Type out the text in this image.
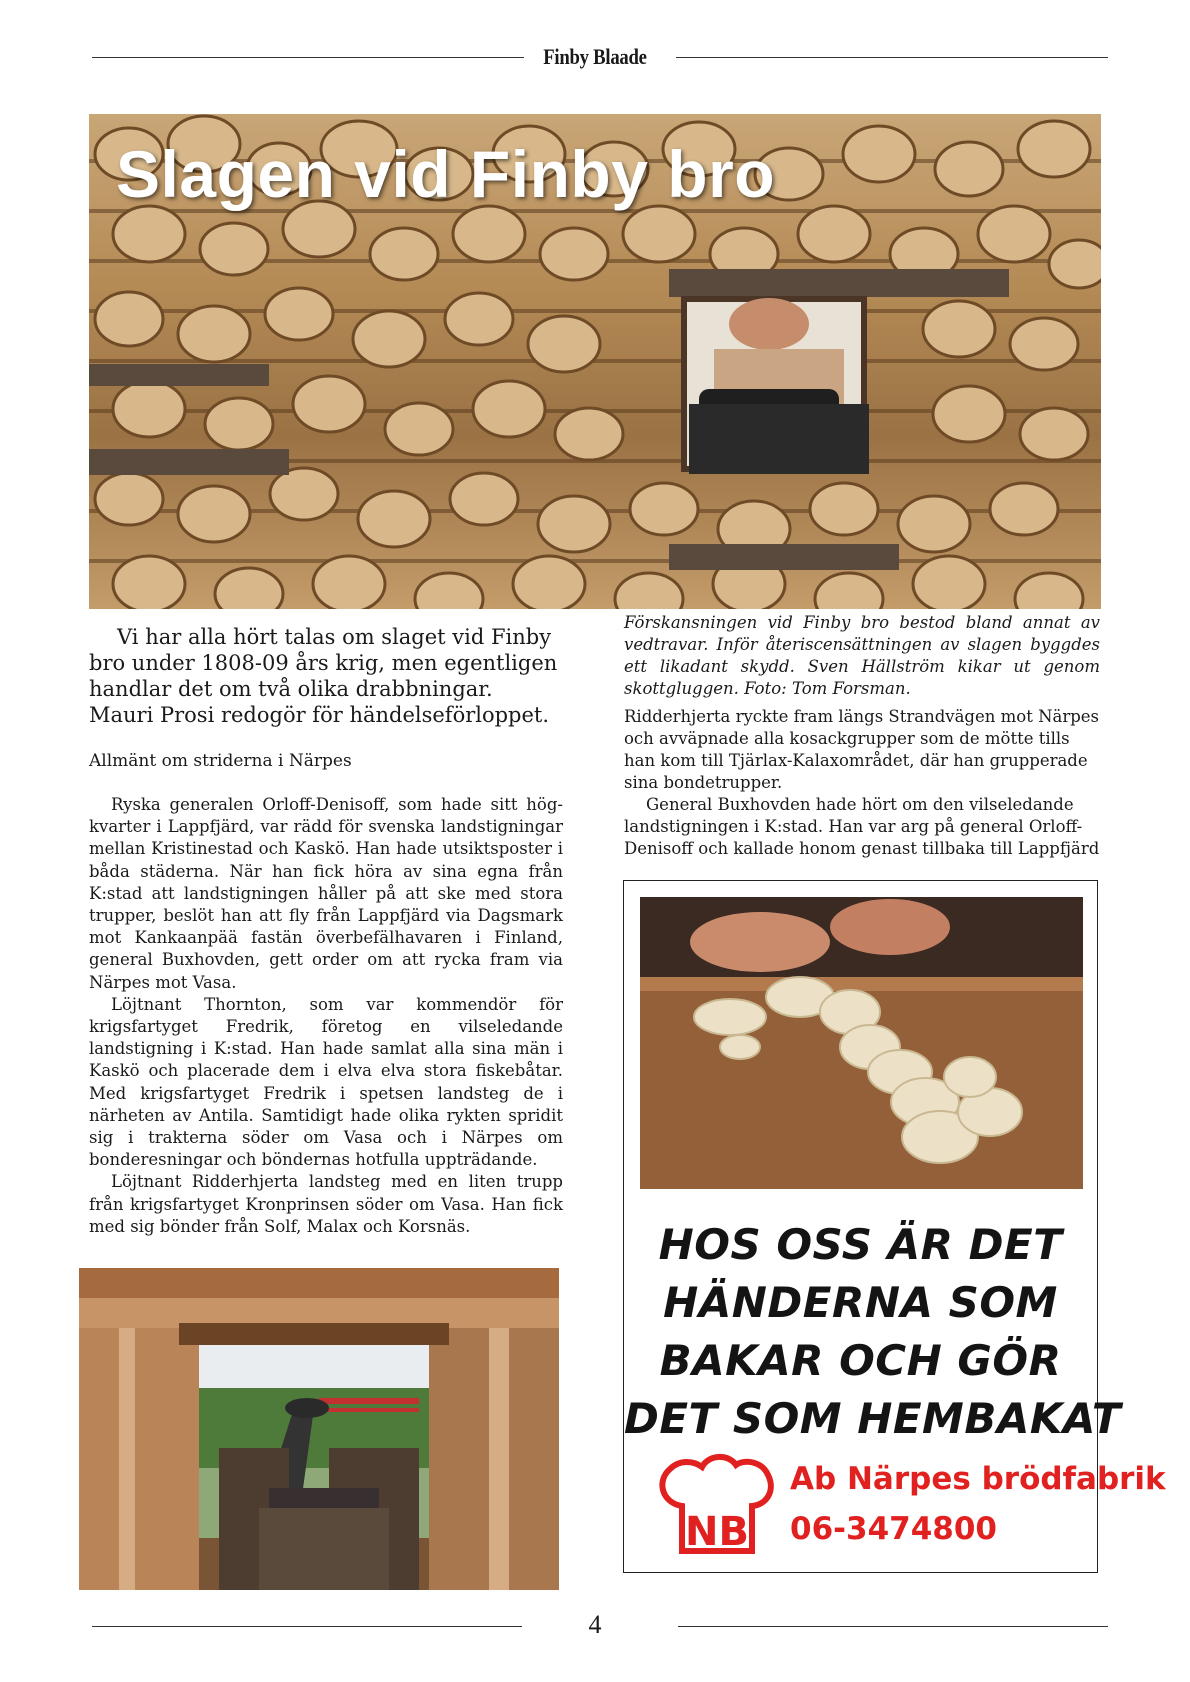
Finby Blaade
Slagen vid Finby bro

Vi har alla hört talas om slaget vid Finby bro under 1808-09 års krig, men egentligen handlar det om två olika drabbningar. Mauri Prosi redogör för händelseförloppet.

Allmänt om striderna i Närpes

Ryska generalen Orloff-Denisoff, som hade sitt hög-kvarter i Lappfjärd, var rädd för svenska landstigningar mellan Kristinestad och Kaskö. Han hade utsiktsposter i båda städerna. När han fick höra av sina egna från K:stad att landstigningen håller på att ske med stora trupper, beslöt han att fly från Lappfjärd via Dagsmark mot Kankaanpää fastän överbefälhavaren i Finland, general Buxhovden, gett order om att rycka fram via Närpes mot Vasa.

Löjtnant Thornton, som var kommendör för krigsfartyget Fredrik, företog en vilseledande landstigning i K:stad. Han hade samlat alla sina män i Kaskö och placerade dem i elva elva stora fiskebåtar. Med krigsfartyget Fredrik i spetsen landsteg de i närheten av Antila. Samtidigt hade olika rykten spridit sig i trakterna söder om Vasa och i Närpes om bonderesningar och böndernas hotfulla uppträdande.

Löjtnant Ridderhjerta landsteg med en liten trupp från krigsfartyget Kronprinsen söder om Vasa. Han fick med sig bönder från Solf, Malax och Korsnäs.

Förskansningen vid Finby bro bestod bland annat av vedtravar. Inför återiscensättningen av slagen byggdes ett likadant skydd. Sven Hällström kikar ut genom skottgluggen. Foto: Tom Forsman.

Ridderhjerta ryckte fram längs Strandvägen mot Närpes och avväpnade alla kosackgrupper som de mötte tills han kom till Tjärlax-Kalaxområdet, där han grupperade sina bondetrupper.

General Buxhovden hade hört om den vilseledande landstigningen i K:stad. Han var arg på general Orloff-Denisoff och kallade honom genast tillbaka till Lappfjärd

HOS OSS ÄR DET
HÄNDERNA SOM
BAKAR OCH GÖR
DET SOM HEMBAKAT
NB
Ab Närpes brödfabrik
06-3474800
4
